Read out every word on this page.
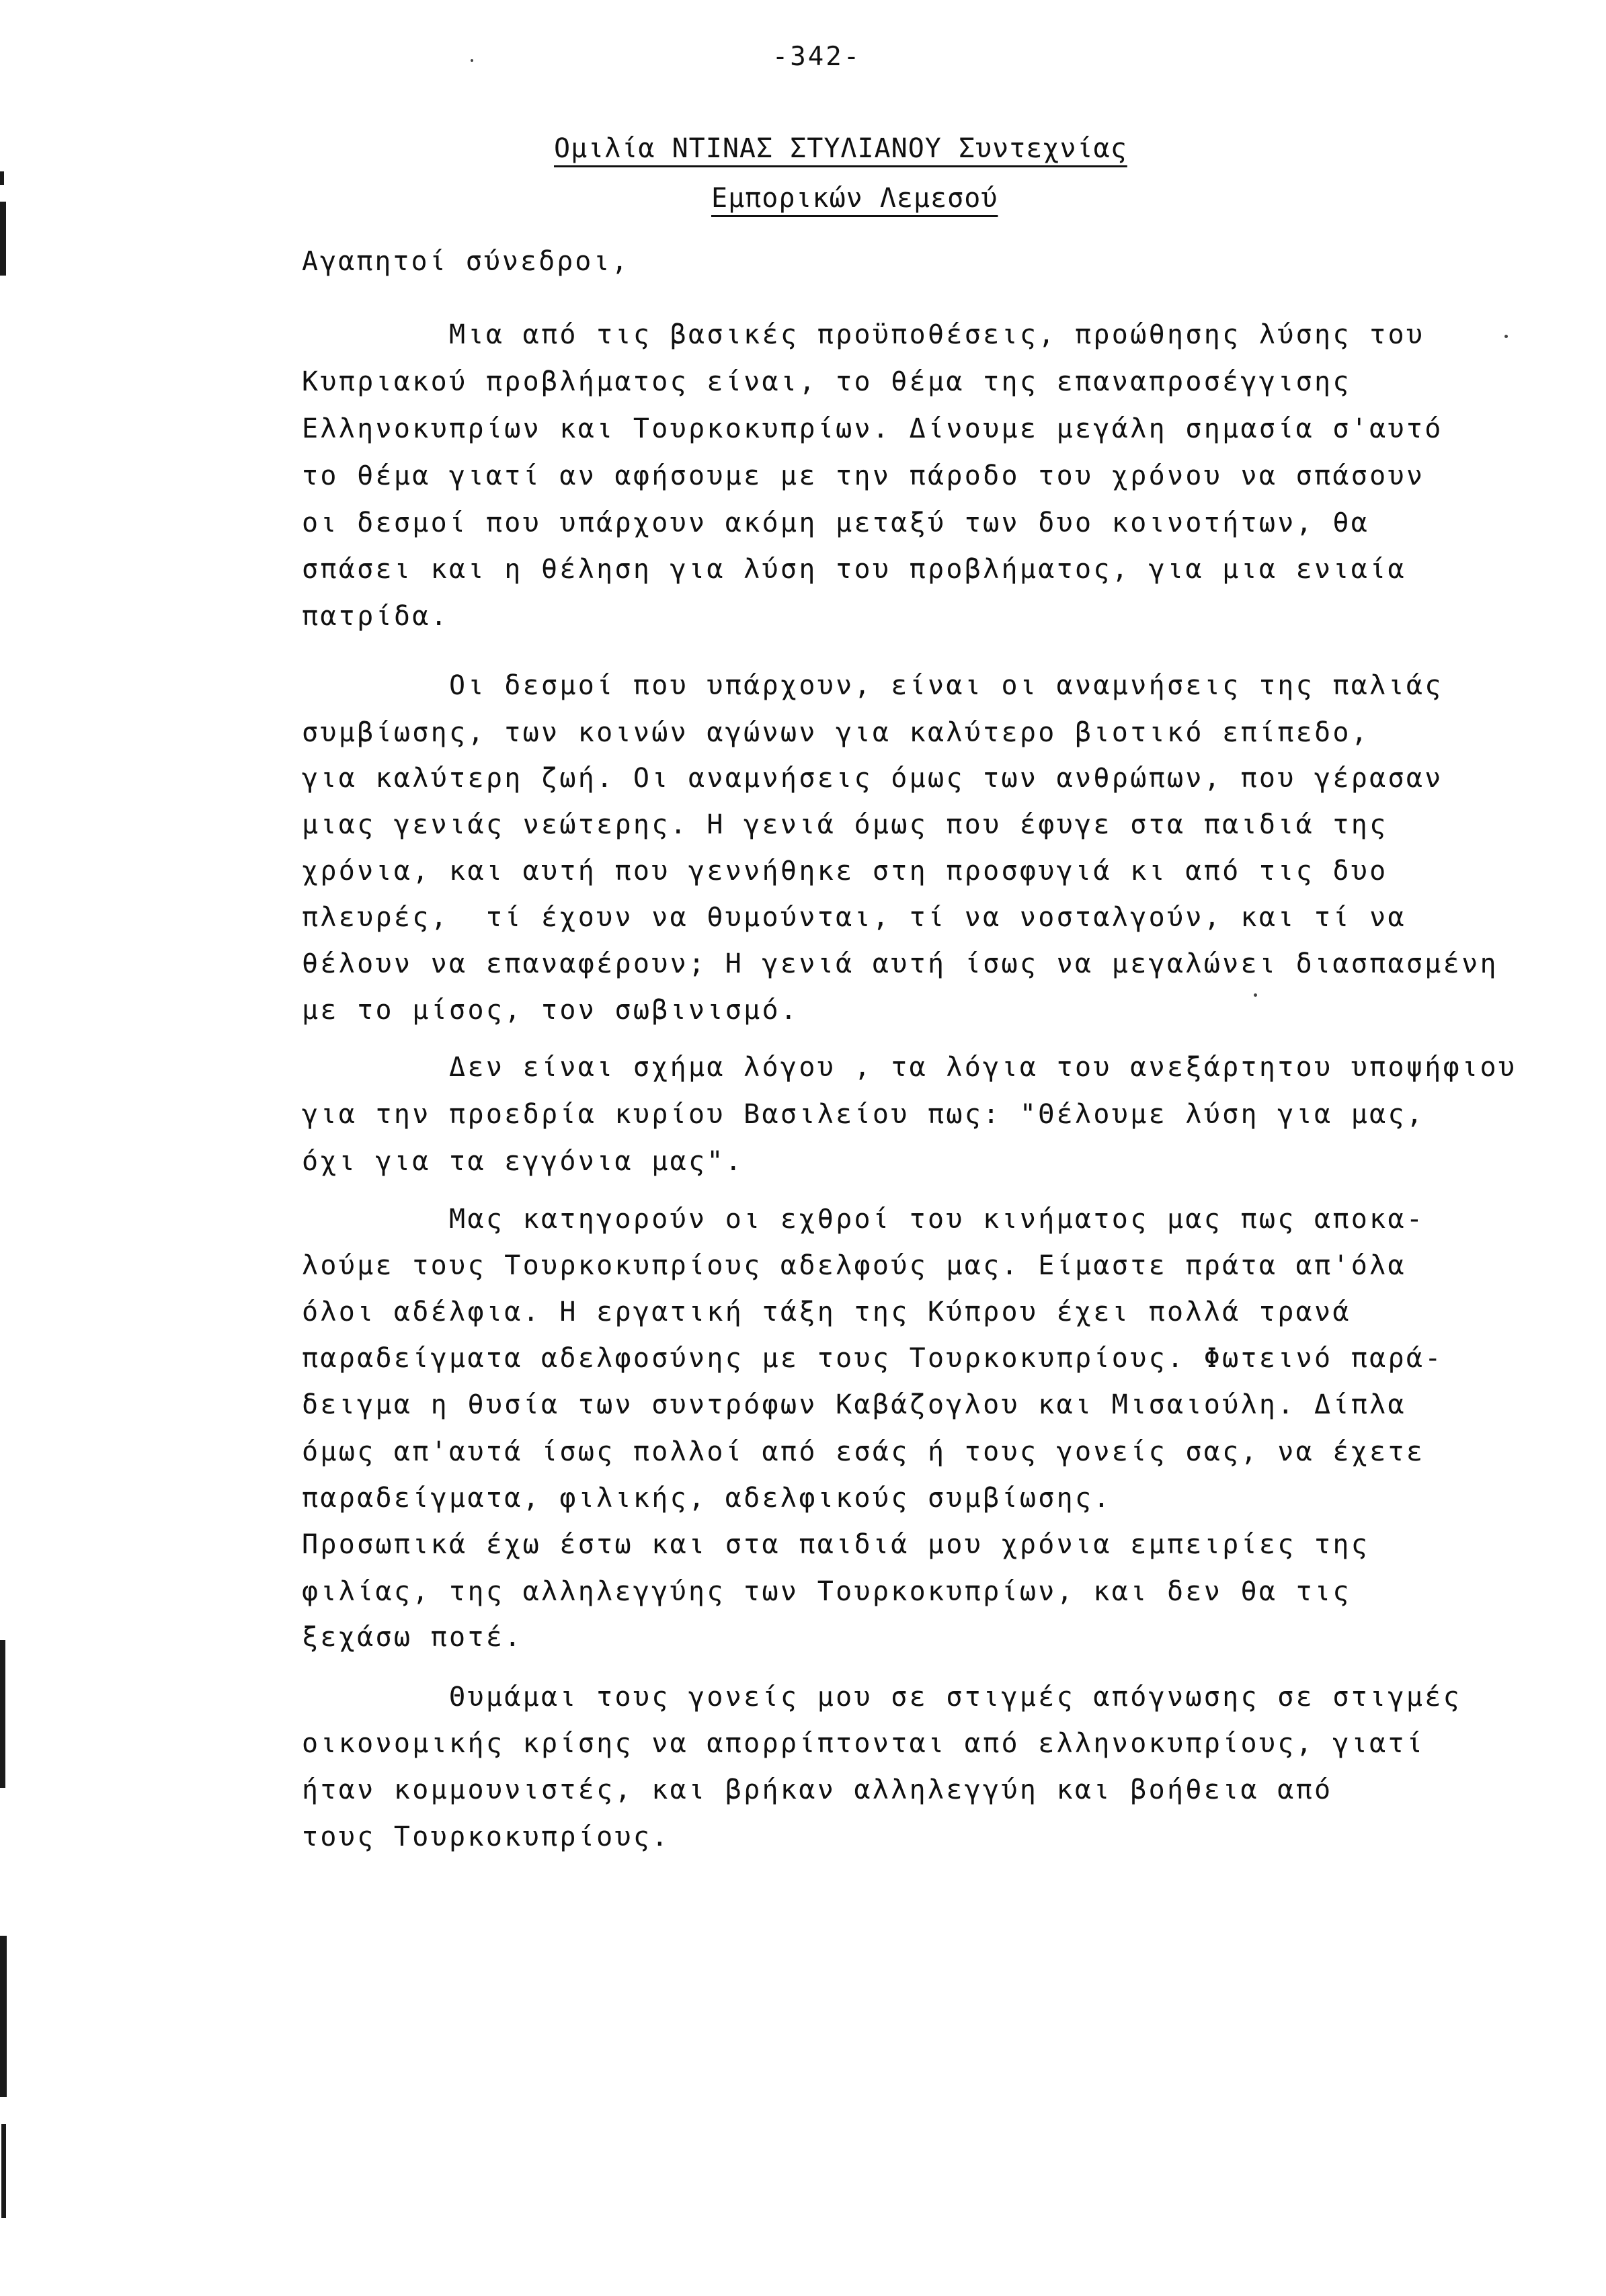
-342-
Ομιλία ΝΤΙΝΑΣ ΣΤΥΛΙΑΝΟΥ Συντεχνίας
Εμπορικών Λεμεσού
Αγαπητοί σύνεδροι,
Μια από τις βασικές προϋποθέσεις, προώθησης λύσης του
Κυπριακού προβλήματος είναι, το θέμα της επαναπροσέγγισης
Ελληνοκυπρίων και Τουρκοκυπρίων. Δίνουμε μεγάλη σημασία σ'αυτό
το θέμα γιατί αν αφήσουμε με την πάροδο του χρόνου να σπάσουν
οι δεσμοί που υπάρχουν ακόμη μεταξύ των δυο κοινοτήτων, θα
σπάσει και η θέληση για λύση του προβλήματος, για μια ενιαία
πατρίδα.
Οι δεσμοί που υπάρχουν, είναι οι αναμνήσεις της παλιάς
συμβίωσης, των κοινών αγώνων για καλύτερο βιοτικό επίπεδο,
για καλύτερη ζωή. Οι αναμνήσεις όμως των ανθρώπων, που γέρασαν
μιας γενιάς νεώτερης. Η γενιά όμως που έφυγε στα παιδιά της
χρόνια, και αυτή που γεννήθηκε στη προσφυγιά κι από τις δυο
πλευρές,  τί έχουν να θυμούνται, τί να νοσταλγούν, και τί να
θέλουν να επαναφέρουν; Η γενιά αυτή ίσως να μεγαλώνει διασπασμένη
με το μίσος, τον σωβινισμό.
Δεν είναι σχήμα λόγου , τα λόγια του ανεξάρτητου υποψήφιου
για την προεδρία κυρίου Βασιλείου πως: "Θέλουμε λύση για μας,
όχι για τα εγγόνια μας".
Μας κατηγορούν οι εχθροί του κινήματος μας πως αποκα-
λούμε τους Τουρκοκυπρίους αδελφούς μας. Είμαστε πράτα απ'όλα
όλοι αδέλφια. Η εργατική τάξη της Κύπρου έχει πολλά τρανά
παραδείγματα αδελφοσύνης με τους Τουρκοκυπρίους. Φωτεινό παρά-
δειγμα η θυσία των συντρόφων Καβάζογλου και Μισαιούλη. Δίπλα
όμως απ'αυτά ίσως πολλοί από εσάς ή τους γονείς σας, να έχετε
παραδείγματα, φιλικής, αδελφικούς συμβίωσης.
Προσωπικά έχω έστω και στα παιδιά μου χρόνια εμπειρίες της
φιλίας, της αλληλεγγύης των Τουρκοκυπρίων, και δεν θα τις
ξεχάσω ποτέ.
Θυμάμαι τους γονείς μου σε στιγμές απόγνωσης σε στιγμές
οικονομικής κρίσης να απορρίπτονται από ελληνοκυπρίους, γιατί
ήταν κομμουνιστές, και βρήκαν αλληλεγγύη και βοήθεια από
τους Τουρκοκυπρίους.
